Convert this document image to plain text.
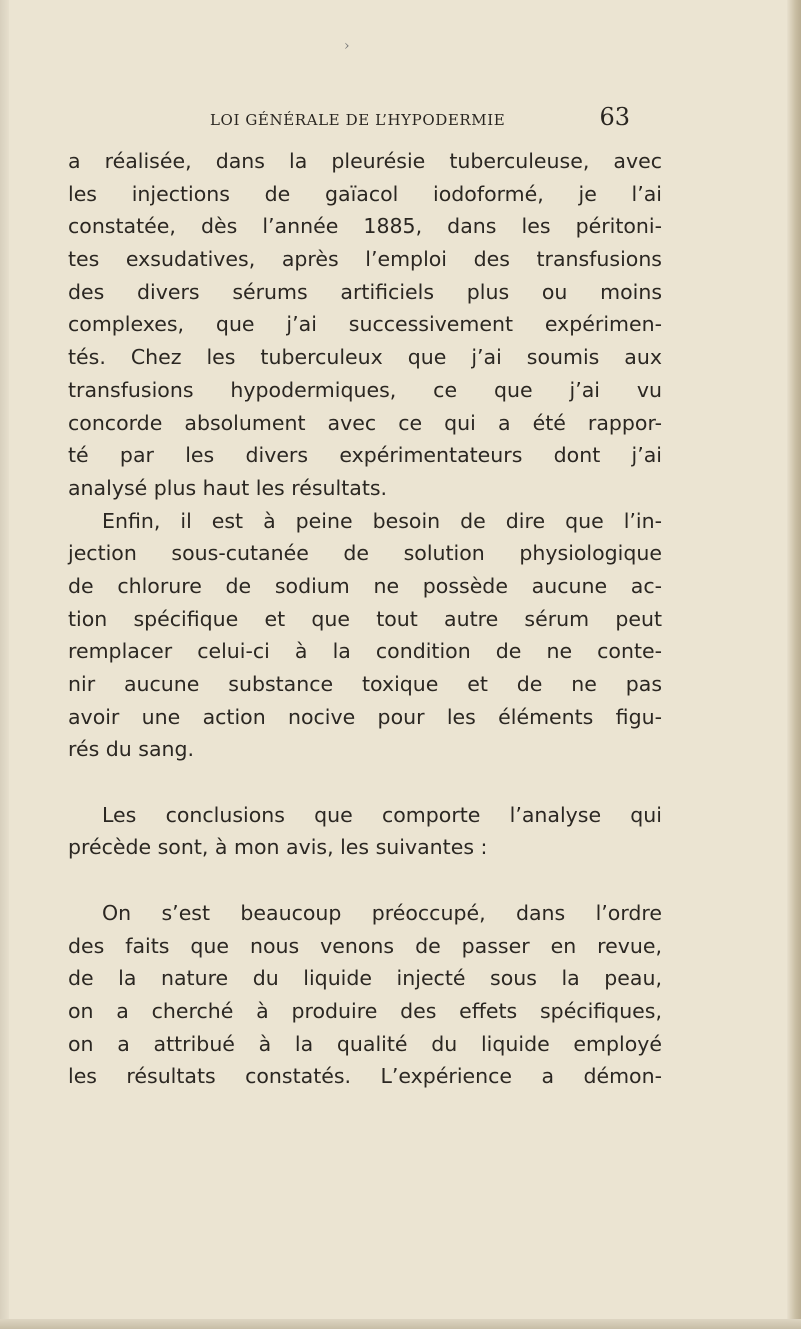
›
LOI GÉNÉRALE DE L’HYPODERMIE	63
a réalisée, dans la pleurésie tuberculeuse, avec
les injections de gaïacol iodoformé, je l’ai
constatée, dès l’année 1885, dans les péritoni-
tes exsudatives, après l’emploi des transfusions
des divers sérums artificiels plus ou moins
complexes, que j’ai successivement expérimen-
tés. Chez les tuberculeux que j’ai soumis aux
transfusions hypodermiques, ce que j’ai vu
concorde absolument avec ce qui a été rappor-
té par les divers expérimentateurs dont j’ai
analysé plus haut les résultats.
Enfin, il est à peine besoin de dire que l’in-
jection sous-cutanée de solution physiologique
de chlorure de sodium ne possède aucune ac-
tion spécifique et que tout autre sérum peut
remplacer celui-ci à la condition de ne conte-
nir aucune substance toxique et de ne pas
avoir une action nocive pour les éléments figu-
rés du sang.
Les conclusions que comporte l’analyse qui
précède sont, à mon avis, les suivantes :
On s’est beaucoup préoccupé, dans l’ordre
des faits que nous venons de passer en revue,
de la nature du liquide injecté sous la peau,
on a cherché à produire des effets spécifiques,
on a attribué à la qualité du liquide employé
les résultats constatés. L’expérience a démon-
